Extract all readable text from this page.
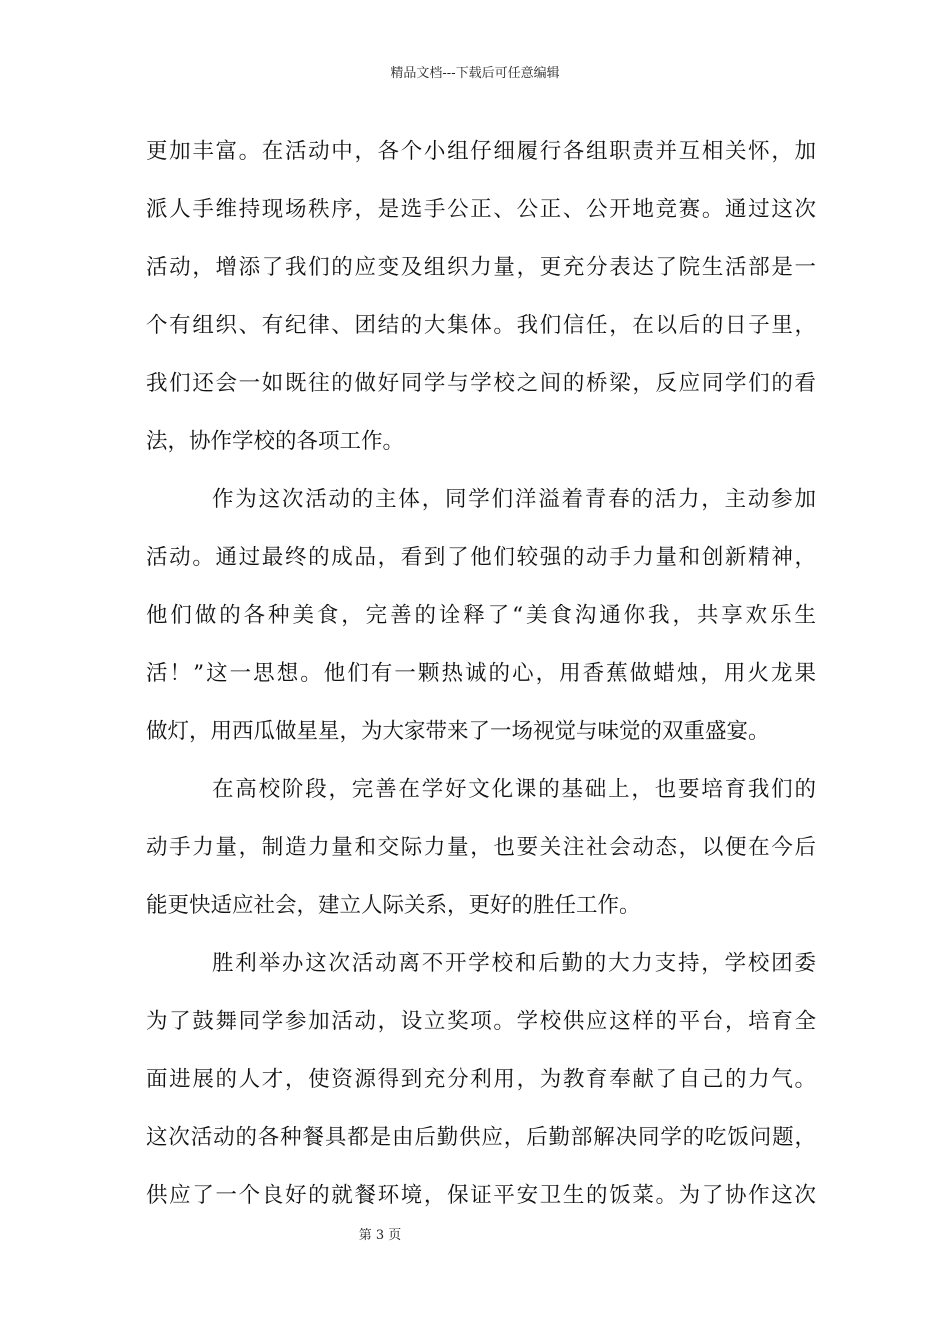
精品文档---下载后可任意编辑
更加丰富。在活动中，各个小组仔细履行各组职责并互相关怀，加
派人手维持现场秩序，是选手公正、公正、公开地竞赛。通过这次
活动，增添了我们的应变及组织力量，更充分表达了院生活部是一
个有组织、有纪律、团结的大集体。我们信任，在以后的日子里，
我们还会一如既往的做好同学与学校之间的桥梁，反应同学们的看
法，协作学校的各项工作。
作为这次活动的主体，同学们洋溢着青春的活力，主动参加
活动。通过最终的成品，看到了他们较强的动手力量和创新精神，
他们做的各种美食，完善的诠释了“美食沟通你我，共享欢乐生
活！”这一思想。他们有一颗热诚的心，用香蕉做蜡烛，用火龙果
做灯，用西瓜做星星，为大家带来了一场视觉与味觉的双重盛宴。
在高校阶段，完善在学好文化课的基础上，也要培育我们的
动手力量，制造力量和交际力量，也要关注社会动态，以便在今后
能更快适应社会，建立人际关系，更好的胜任工作。
胜利举办这次活动离不开学校和后勤的大力支持，学校团委
为了鼓舞同学参加活动，设立奖项。学校供应这样的平台，培育全
面进展的人才，使资源得到充分利用，为教育奉献了自己的力气。
这次活动的各种餐具都是由后勤供应，后勤部解决同学的吃饭问题，
供应了一个良好的就餐环境，保证平安卫生的饭菜。为了协作这次
第 3 页
